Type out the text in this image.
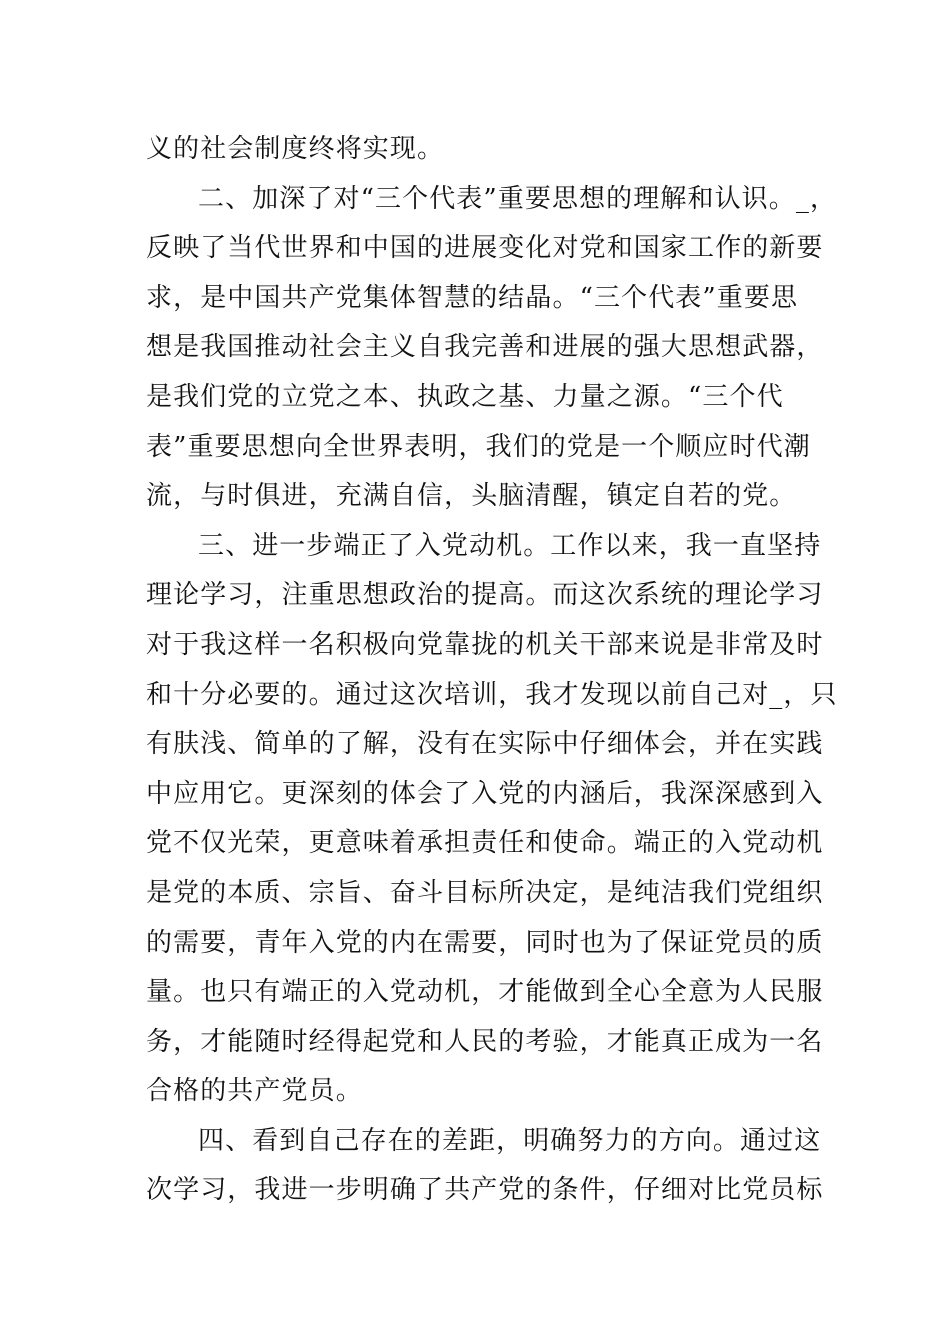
义的社会制度终将实现。
二、加深了对“三个代表”重要思想的理解和认识。_，
反映了当代世界和中国的进展变化对党和国家工作的新要
求，是中国共产党集体智慧的结晶。“三个代表”重要思
想是我国推动社会主义自我完善和进展的强大思想武器，
是我们党的立党之本、执政之基、力量之源。“三个代
表”重要思想向全世界表明，我们的党是一个顺应时代潮
流，与时俱进，充满自信，头脑清醒，镇定自若的党。
三、进一步端正了入党动机。工作以来，我一直坚持
理论学习，注重思想政治的提高。而这次系统的理论学习
对于我这样一名积极向党靠拢的机关干部来说是非常及时
和十分必要的。通过这次培训，我才发现以前自己对_，只
有肤浅、简单的了解，没有在实际中仔细体会，并在实践
中应用它。更深刻的体会了入党的内涵后，我深深感到入
党不仅光荣，更意味着承担责任和使命。端正的入党动机
是党的本质、宗旨、奋斗目标所决定，是纯洁我们党组织
的需要，青年入党的内在需要，同时也为了保证党员的质
量。也只有端正的入党动机，才能做到全心全意为人民服
务，才能随时经得起党和人民的考验，才能真正成为一名
合格的共产党员。
四、看到自己存在的差距，明确努力的方向。通过这
次学习，我进一步明确了共产党的条件，仔细对比党员标
